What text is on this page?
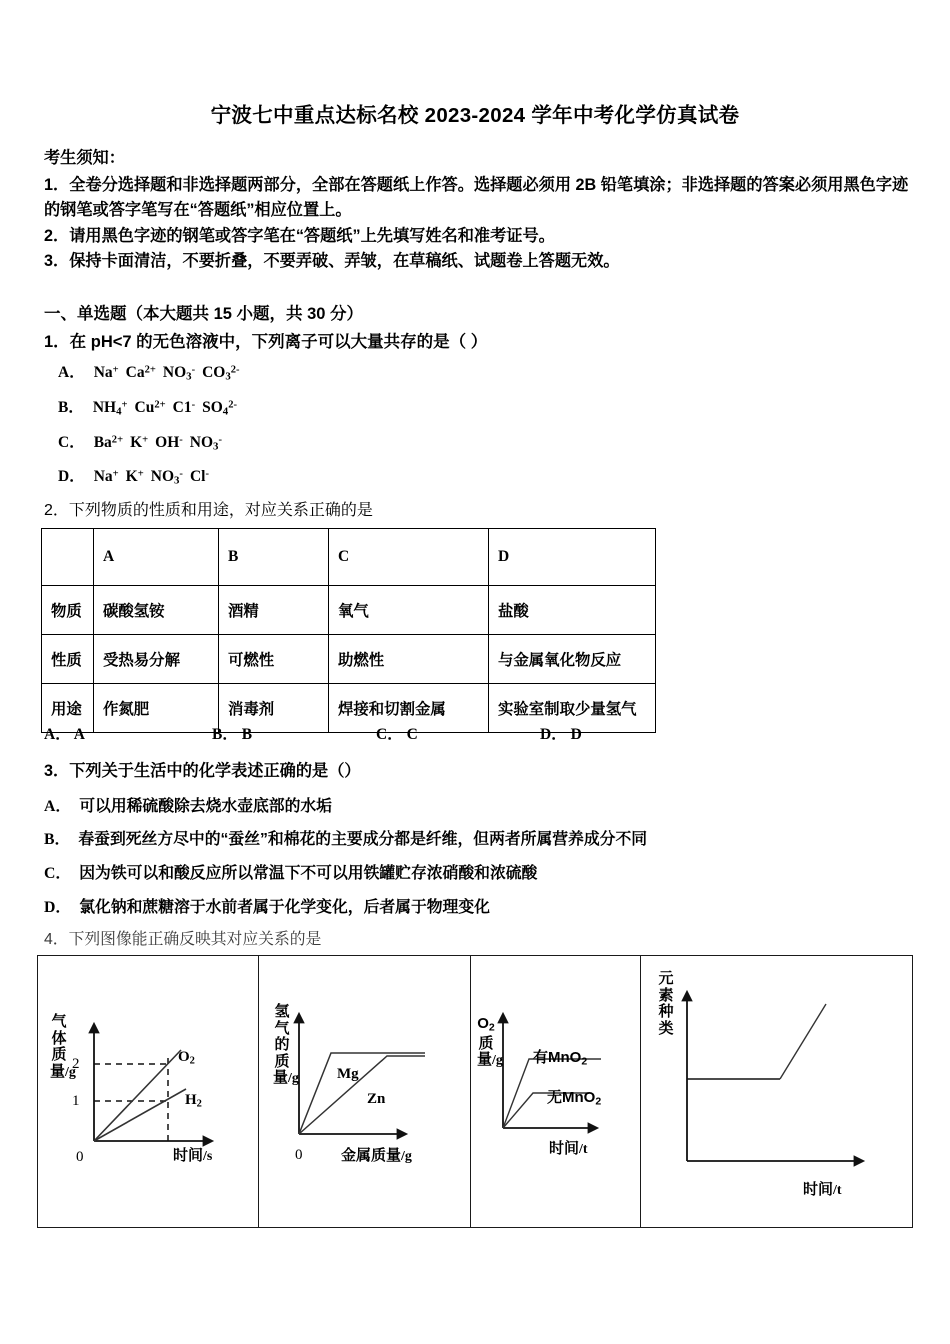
宁波七中重点达标名校 2023-2024 学年中考化学仿真试卷
考生须知：
1．全卷分选择题和非选择题两部分，全部在答题纸上作答。选择题必须用 2B 铅笔填涂；非选择题的答案必须用黑色字迹的钢笔或答字笔写在“答题纸”相应位置上。
2．请用黑色字迹的钢笔或答字笔在“答题纸”上先填写姓名和准考证号。
3．保持卡面清洁，不要折叠，不要弄破、弄皱，在草稿纸、试题卷上答题无效。
一、单选题（本大题共 15 小题，共 30 分）
1．在 pH<7 的无色溶液中，下列离子可以大量共存的是（ ）
A． Na+ $Ca^{2+}$ $NO_3^-$ $CO_3^{2-}$
B． $NH_4^+$ $Cu^{2+}$ C1- $SO_4^{2-}$
C． $Ba^{2+}$ K+ OH- $NO_3^-$
D． Na+ K+ $NO_3^-$ Cl-
2．下列物质的性质和用途，对应关系正确的是
	A	B	C	D
物质	碳酸氢铵	酒精	氧气	盐酸
性质	受热易分解	可燃性	助燃性	与金属氧化物反应
用途	作氮肥	消毒剂	焊接和切割金属	实验室制取少量氢气
A． A	B． B	C． C	D． D
3．下列关于生活中的化学表述正确的是（）
A． 可以用稀硫酸除去烧水壶底部的水垢
B． 春蚕到死丝方尽中的“蚕丝”和棉花的主要成分都是纤维，但两者所属营养成分不同
C． 因为铁可以和酸反应所以常温下不可以用铁罐贮存浓硝酸和浓硫酸
D． 氯化钠和蔗糖溶于水前者属于化学变化，后者属于物理变化
4．下列图像能正确反映其对应关系的是
气体质量/g
2
1
0
$O_2$
$H_2$
时间/s
氢气的质量/g
0
Mg
Zn
金属质量/g
$O_2$质量/g 有MnO$_2$
无MnO$_2$
时间/t
元素种类
时间/t
